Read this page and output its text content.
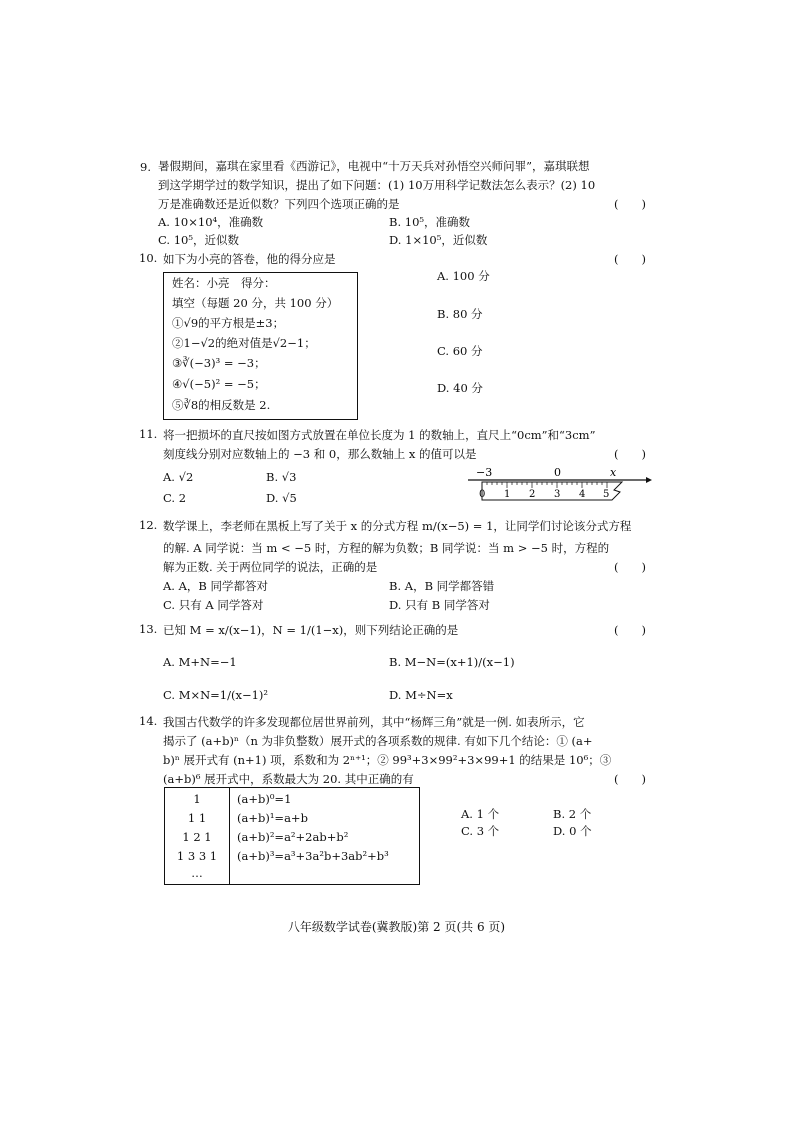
9. 暑假期间，嘉琪在家里看《西游记》，电视中“十万天兵对孙悟空兴师问罪”，嘉琪联想
到这学期学过的数学知识，提出了如下问题：(1) 10万用科学记数法怎么表示？(2) 10
万是准确数还是近似数？下列四个选项正确的是	(　　)
A. 10×10⁴，准确数	B. 10⁵，准确数
C. 10⁵，近似数	D. 1×10⁵，近似数
10. 如下为小亮的答卷，他的得分应是	(　　)
姓名：小亮　得分：
填空（每题 20 分，共 100 分）
①√9的平方根是±3；
②1−√2的绝对值是√2−1；
③∛(−3)³ = −3；
④√(−5)² = −5；
⑤∛8的相反数是 2.
A. 100 分
B. 80 分
C. 60 分
D. 40 分
11. 将一把损坏的直尺按如图方式放置在单位长度为 1 的数轴上，直尺上“0cm”和“3cm”
刻度线分别对应数轴上的 −3 和 0，那么数轴上 x 的值可以是	(　　)
A. √2	B. √3
C. 2	D. √5
−3	0	x
0 1 2 3 4 5
12. 数学课上，李老师在黑板上写了关于 x 的分式方程 m/(x−5) = 1，让同学们讨论该分式方程
的解. A 同学说：当 m < −5 时，方程的解为负数；B 同学说：当 m > −5 时，方程的
解为正数. 关于两位同学的说法，正确的是	(　　)
A. A，B 同学都答对	B. A，B 同学都答错
C. 只有 A 同学答对	D. 只有 B 同学答对
13. 已知 M = x/(x−1)，N = 1/(1−x)，则下列结论正确的是	(　　)
A. M+N=−1	B. M−N=(x+1)/(x−1)
C. M×N=1/(x−1)²	D. M÷N=x
14. 我国古代数学的许多发现都位居世界前列，其中“杨辉三角”就是一例. 如表所示，它
揭示了 (a+b)ⁿ（n 为非负整数）展开式的各项系数的规律. 有如下几个结论：① (a+
b)ⁿ 展开式有 (n+1) 项，系数和为 2ⁿ⁺¹；② 99³+3×99²+3×99+1 的结果是 10⁶；③
(a+b)⁶ 展开式中，系数最大为 20. 其中正确的有	(　　)
1	(a+b)⁰=1
1 1	(a+b)¹=a+b
1 2 1	(a+b)²=a²+2ab+b²
1 3 3 1	(a+b)³=a³+3a²b+3ab²+b³
…
A. 1 个	B. 2 个
C. 3 个	D. 0 个
八年级数学试卷(冀教版)第 2 页(共 6 页)
